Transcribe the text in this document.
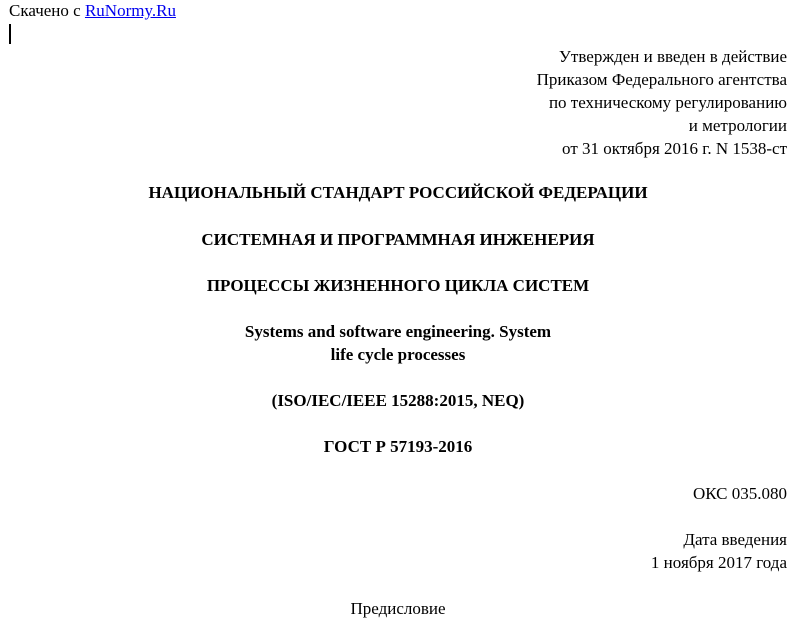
Скачено с RuNormy.Ru
Утвержден и введен в действие
Приказом Федерального агентства
по техническому регулированию
и метрологии
от 31 октября 2016 г. N 1538-ст
НАЦИОНАЛЬНЫЙ СТАНДАРТ РОССИЙСКОЙ ФЕДЕРАЦИИ
СИСТЕМНАЯ И ПРОГРАММНАЯ ИНЖЕНЕРИЯ
ПРОЦЕССЫ ЖИЗНЕННОГО ЦИКЛА СИСТЕМ
Systems and software engineering. System
life cycle processes
(ISO/IEC/IEEE 15288:2015, NEQ)
ГОСТ Р 57193-2016
ОКС 035.080
Дата введения
1 ноября 2017 года
Предисловие
